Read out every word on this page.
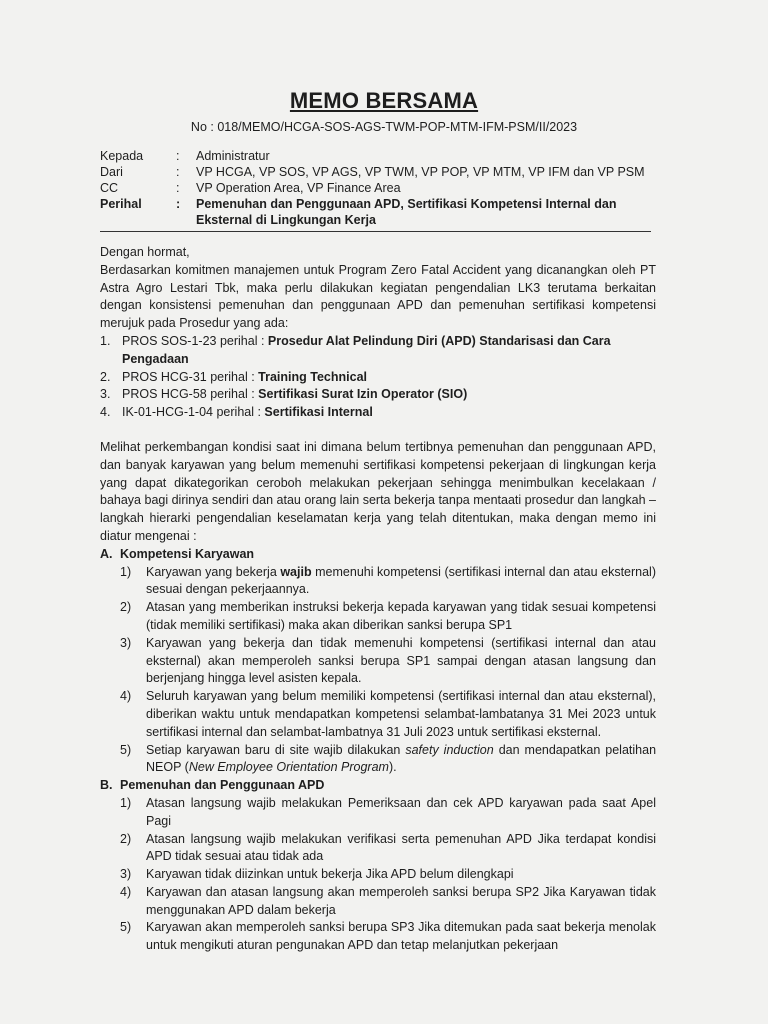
MEMO BERSAMA
No : 018/MEMO/HCGA-SOS-AGS-TWM-POP-MTM-IFM-PSM/II/2023
Kepada	:	Administratur
Dari	:	VP HCGA, VP SOS, VP AGS, VP TWM, VP POP, VP MTM, VP IFM dan VP PSM
CC	:	VP Operation Area, VP Finance Area
Perihal	:	Pemenuhan dan Penggunaan APD, Sertifikasi Kompetensi Internal dan Eksternal di Lingkungan Kerja
Dengan hormat,
Berdasarkan komitmen manajemen untuk Program Zero Fatal Accident yang dicanangkan oleh PT Astra Agro Lestari Tbk, maka perlu dilakukan kegiatan pengendalian LK3 terutama berkaitan dengan konsistensi pemenuhan dan penggunaan APD dan pemenuhan sertifikasi kompetensi merujuk pada Prosedur yang ada:
1. PROS SOS-1-23 perihal : Prosedur Alat Pelindung Diri (APD) Standarisasi dan Cara Pengadaan
2. PROS HCG-31 perihal : Training Technical
3. PROS HCG-58 perihal : Sertifikasi Surat Izin Operator (SIO)
4. IK-01-HCG-1-04 perihal : Sertifikasi Internal
Melihat perkembangan kondisi saat ini dimana belum tertibnya pemenuhan dan penggunaan APD, dan banyak karyawan yang belum memenuhi sertifikasi kompetensi pekerjaan di lingkungan kerja yang dapat dikategorikan ceroboh melakukan pekerjaan sehingga menimbulkan kecelakaan / bahaya bagi dirinya sendiri dan atau orang lain serta bekerja tanpa mentaati prosedur dan langkah – langkah hierarki pengendalian keselamatan kerja yang telah ditentukan, maka dengan memo ini diatur mengenai :
A. Kompetensi Karyawan
1)	Karyawan yang bekerja wajib memenuhi kompetensi (sertifikasi internal dan atau eksternal) sesuai dengan pekerjaannya.
2)	Atasan yang memberikan instruksi bekerja kepada karyawan yang tidak sesuai kompetensi (tidak memiliki sertifikasi) maka akan diberikan sanksi berupa SP1
3)	Karyawan yang bekerja dan tidak memenuhi kompetensi (sertifikasi internal dan atau eksternal) akan memperoleh sanksi berupa SP1 sampai dengan atasan langsung dan berjenjang hingga level asisten kepala.
4)	Seluruh karyawan yang belum memiliki kompetensi (sertifikasi internal dan atau eksternal), diberikan waktu untuk mendapatkan kompetensi selambat-lambatanya 31 Mei 2023 untuk sertifikasi internal dan selambat-lambatnya 31 Juli 2023 untuk sertifikasi eksternal.
5)	Setiap karyawan baru di site wajib dilakukan safety induction dan mendapatkan pelatihan NEOP (New Employee Orientation Program).
B. Pemenuhan dan Penggunaan APD
1)	Atasan langsung wajib melakukan Pemeriksaan dan cek APD karyawan pada saat Apel Pagi
2)	Atasan langsung wajib melakukan verifikasi serta pemenuhan APD Jika terdapat kondisi APD tidak sesuai atau tidak ada
3)	Karyawan tidak diizinkan untuk bekerja Jika APD belum dilengkapi
4)	Karyawan dan atasan langsung akan memperoleh sanksi berupa SP2 Jika Karyawan tidak menggunakan APD dalam bekerja
5)	Karyawan akan memperoleh sanksi berupa SP3 Jika ditemukan pada saat bekerja menolak untuk mengikuti aturan pengunakan APD dan tetap melanjutkan pekerjaan
